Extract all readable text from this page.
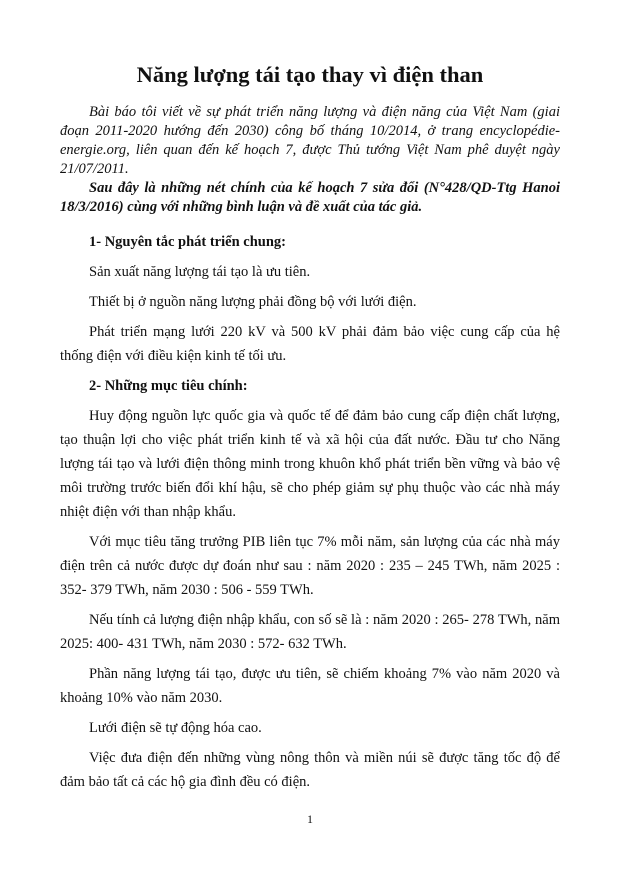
Năng lượng tái tạo thay vì điện than

Bài báo tôi viết về sự phát triển năng lượng và điện năng của Việt Nam (giai đoạn 2011-2020 hướng đến 2030) công bố tháng 10/2014, ở trang encyclopédie-energie.org, liên quan đến kế hoạch 7, được Thủ tướng Việt Nam phê duyệt ngày 21/07/2011.

Sau đây là những nét chính của kế hoạch 7 sửa đổi (N°428/QD-Ttg Hanoi 18/3/2016) cùng với những bình luận và đề xuất của tác giả.

1- Nguyên tắc phát triển chung:

Sản xuất năng lượng tái tạo là ưu tiên.

Thiết bị ở nguồn năng lượng phải đồng bộ với lưới điện.

Phát triển mạng lưới 220 kV và 500 kV phải đảm bảo việc cung cấp của hệ thống điện với điều kiện kinh tế tối ưu.

2- Những mục tiêu chính:

Huy động nguồn lực quốc gia và quốc tế để đảm bảo cung cấp điện chất lượng, tạo thuận lợi cho việc phát triển kinh tế và xã hội của đất nước. Đầu tư cho Năng lượng tái tạo và lưới điện thông minh trong khuôn khổ phát triển bền vững và bảo vệ môi trường trước biến đổi khí hậu, sẽ cho phép giảm sự phụ thuộc vào các nhà máy nhiệt điện với than nhập khẩu.

Với mục tiêu tăng trưởng PIB liên tục 7% mỗi năm, sản lượng của các nhà máy điện trên cả nước được dự đoán như sau : năm 2020 : 235 – 245 TWh, năm 2025 : 352- 379 TWh, năm 2030 : 506 - 559 TWh.

Nếu tính cả lượng điện nhập khẩu, con số sẽ là : năm 2020 : 265- 278 TWh, năm 2025: 400- 431 TWh, năm 2030 : 572- 632 TWh.

Phần năng lượng tái tạo, được ưu tiên, sẽ chiếm khoảng 7% vào năm 2020 và khoảng 10% vào năm 2030.

Lưới điện sẽ tự động hóa cao.

Việc đưa điện đến những vùng nông thôn và miền núi sẽ được tăng tốc độ để đảm bảo tất cả các hộ gia đình đều có điện.

1
